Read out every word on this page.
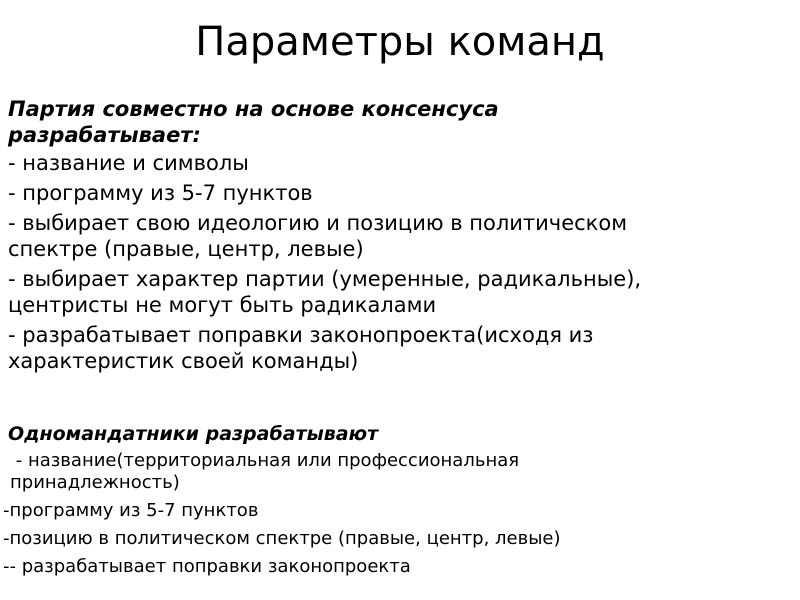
Параметры команд
Партия совместно на основе консенсуса
разрабатывает:
- название и символы
- программу из 5-7 пунктов
- выбирает свою идеологию и позицию в политическом
спектре (правые, центр, левые)
- выбирает характер партии (умеренные, радикальные),
центристы не могут быть радикалами
- разрабатывает поправки законопроекта(исходя из
характеристик своей команды)
Одномандатники разрабатывают
- название(территориальная или профессиональная
принадлежность)
-программу из 5-7 пунктов
-позицию в политическом спектре (правые, центр, левые)
-- разрабатывает поправки законопроекта
